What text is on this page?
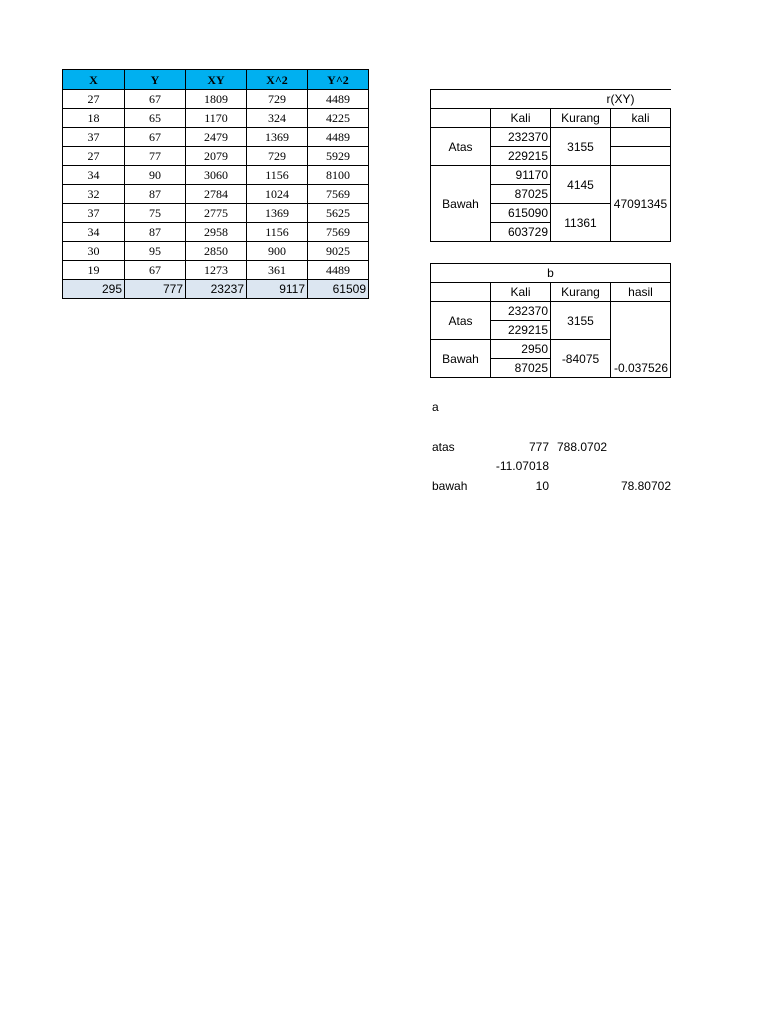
X	Y	XY	X^2	Y^2
27	67	1809	729	4489
18	65	1170	324	4225
37	67	2479	1369	4489
27	77	2079	729	5929
34	90	3060	1156	8100
32	87	2784	1024	7569
37	75	2775	1369	5625
34	87	2958	1156	7569
30	95	2850	900	9025
19	67	1273	361	4489
295	777	23237	9117	61509
r(XY)			
	Kali	Kurang	kali
Atas	232370	3155	
	229215		
Bawah	91170	4145	47091345
	87025		
	615090	11361	
	603729		
b			
	Kali	Kurang	hasil
Atas	232370	3155	-0.037526
	229215		
Bawah	2950	-84075	
	87025		
a
atas	777 788.0702
-11.07018
bawah	10	78.80702
